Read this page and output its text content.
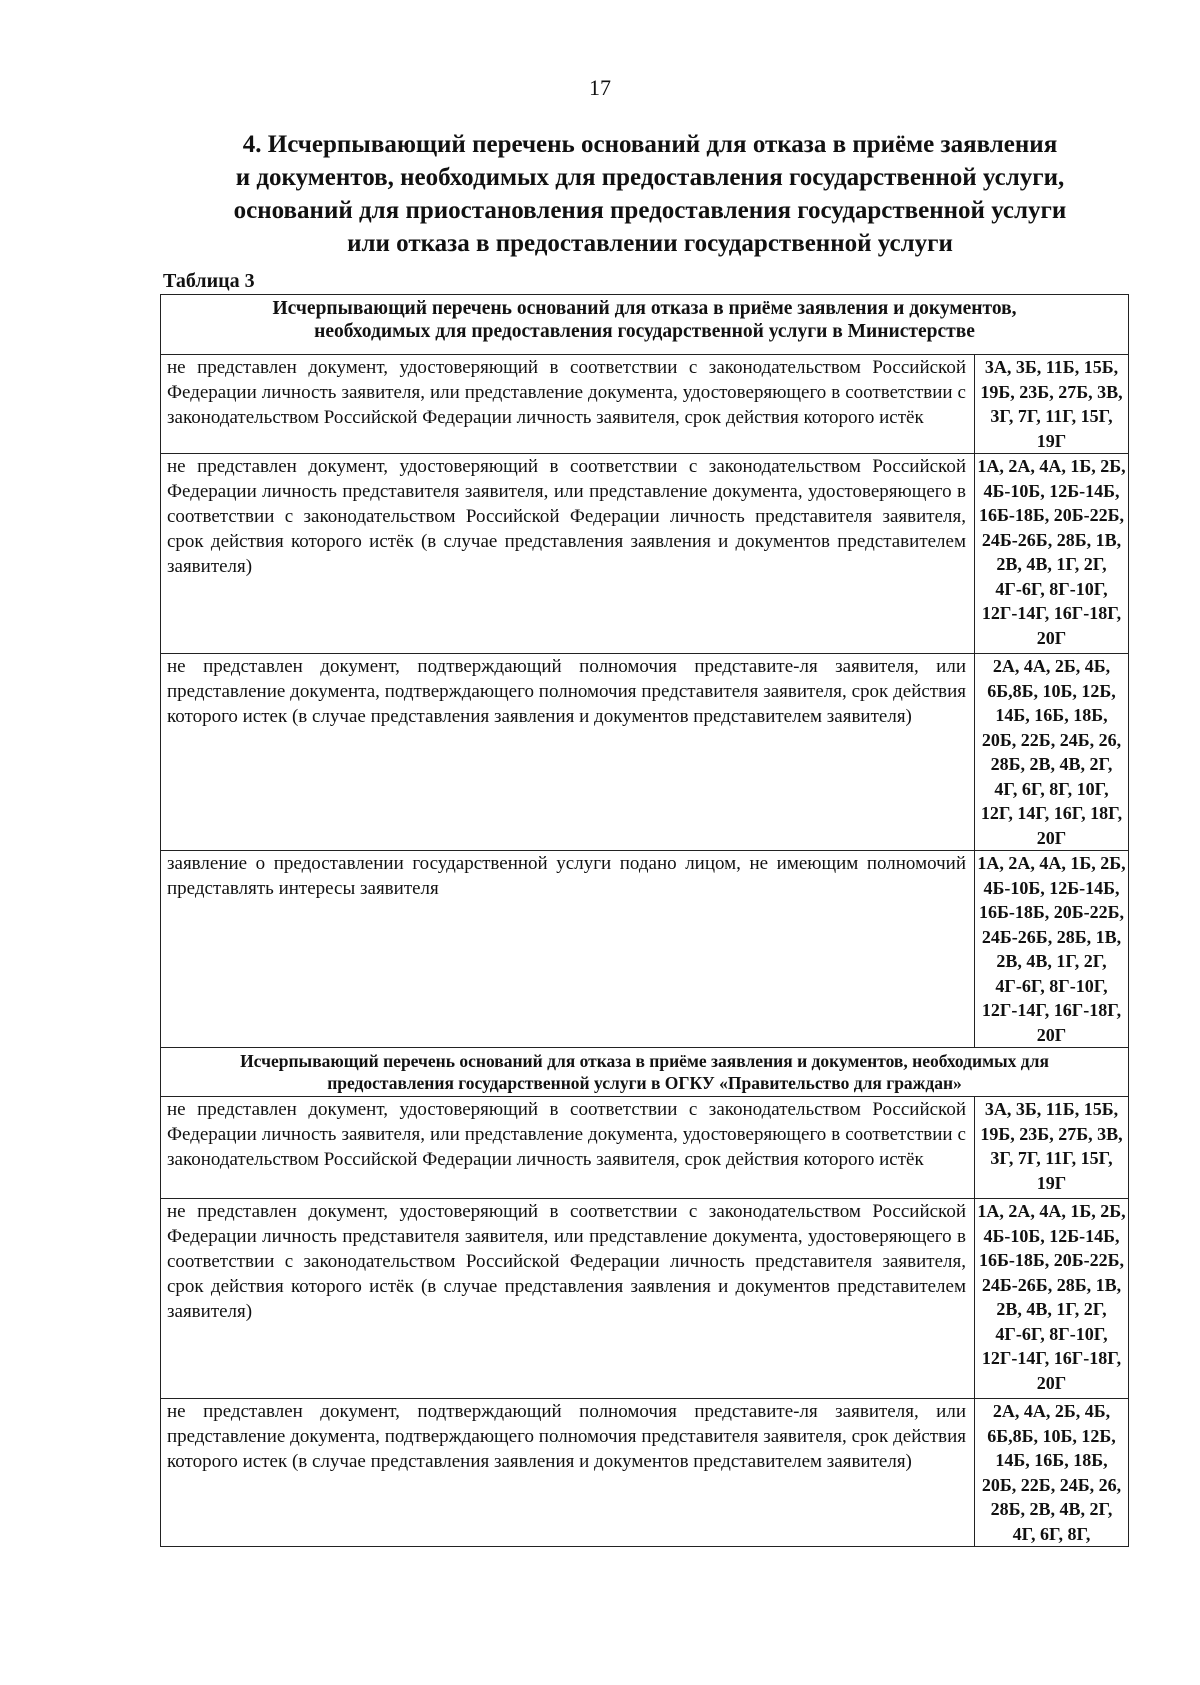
17
4. Исчерпывающий перечень оснований для отказа в приёме заявления
и документов, необходимых для предоставления государственной услуги,
оснований для приостановления предоставления государственной услуги
или отказа в предоставлении государственной услуги
Таблица 3
Исчерпывающий перечень оснований для отказа в приёме заявления и документов,
необходимых для предоставления государственной услуги в Министерстве	

не представлен документ, удостоверяющий в соответствии с законодательством Российской Федерации личность заявителя, или представление документа, удостоверяющего в соответствии с законодательством Российской Федерации личность заявителя, срок действия которого истёк	3А, 3Б, 11Б, 15Б, 19Б, 23Б, 27Б, 3В, 3Г, 7Г, 11Г, 15Г, 19Г
не представлен документ, удостоверяющий в соответствии с законодательством Российской Федерации личность представителя заявителя, или представление документа, удостоверяющего в соответствии с законодательством Российской Федерации личность представителя заявителя, срок действия которого истёк (в случае представления заявления и документов представителем заявителя)	1А, 2А, 4А, 1Б, 2Б, 4Б-10Б, 12Б-14Б, 16Б-18Б, 20Б-22Б, 24Б-26Б, 28Б, 1В, 2В, 4В, 1Г, 2Г, 4Г-6Г, 8Г-10Г, 12Г-14Г, 16Г-18Г, 20Г
не представлен документ, подтверждающий полномочия представите-ля заявителя, или представление документа, подтверждающего полномочия представителя заявителя, срок действия которого истек (в случае представления заявления и документов представителем заявителя)	2А, 4А, 2Б, 4Б, 6Б,8Б, 10Б, 12Б, 14Б, 16Б, 18Б, 20Б, 22Б, 24Б, 26, 28Б, 2В, 4В, 2Г, 4Г, 6Г, 8Г, 10Г, 12Г, 14Г, 16Г, 18Г, 20Г
заявление о предоставлении государственной услуги подано лицом, не имеющим полномочий представлять интересы заявителя	1А, 2А, 4А, 1Б, 2Б, 4Б-10Б, 12Б-14Б, 16Б-18Б, 20Б-22Б, 24Б-26Б, 28Б, 1В, 2В, 4В, 1Г, 2Г, 4Г-6Г, 8Г-10Г, 12Г-14Г, 16Г-18Г, 20Г

Исчерпывающий перечень оснований для отказа в приёме заявления и документов, необходимых для
предоставления государственной услуги в ОГКУ «Правительство для граждан»	

не представлен документ, удостоверяющий в соответствии с законодательством Российской Федерации личность заявителя, или представление документа, удостоверяющего в соответствии с законодательством Российской Федерации личность заявителя, срок действия которого истёк	3А, 3Б, 11Б, 15Б, 19Б, 23Б, 27Б, 3В, 3Г, 7Г, 11Г, 15Г, 19Г
не представлен документ, удостоверяющий в соответствии с законодательством Российской Федерации личность представителя заявителя, или представление документа, удостоверяющего в соответствии с законодательством Российской Федерации личность представителя заявителя, срок действия которого истёк (в случае представления заявления и документов представителем заявителя)	1А, 2А, 4А, 1Б, 2Б, 4Б-10Б, 12Б-14Б, 16Б-18Б, 20Б-22Б, 24Б-26Б, 28Б, 1В, 2В, 4В, 1Г, 2Г, 4Г-6Г, 8Г-10Г, 12Г-14Г, 16Г-18Г, 20Г
не представлен документ, подтверждающий полномочия представите-ля заявителя, или представление документа, подтверждающего полномочия представителя заявителя, срок действия которого истек (в случае представления заявления и документов представителем заявителя)	2А, 4А, 2Б, 4Б, 6Б,8Б, 10Б, 12Б, 14Б, 16Б, 18Б, 20Б, 22Б, 24Б, 26, 28Б, 2В, 4В, 2Г, 4Г, 6Г, 8Г,
